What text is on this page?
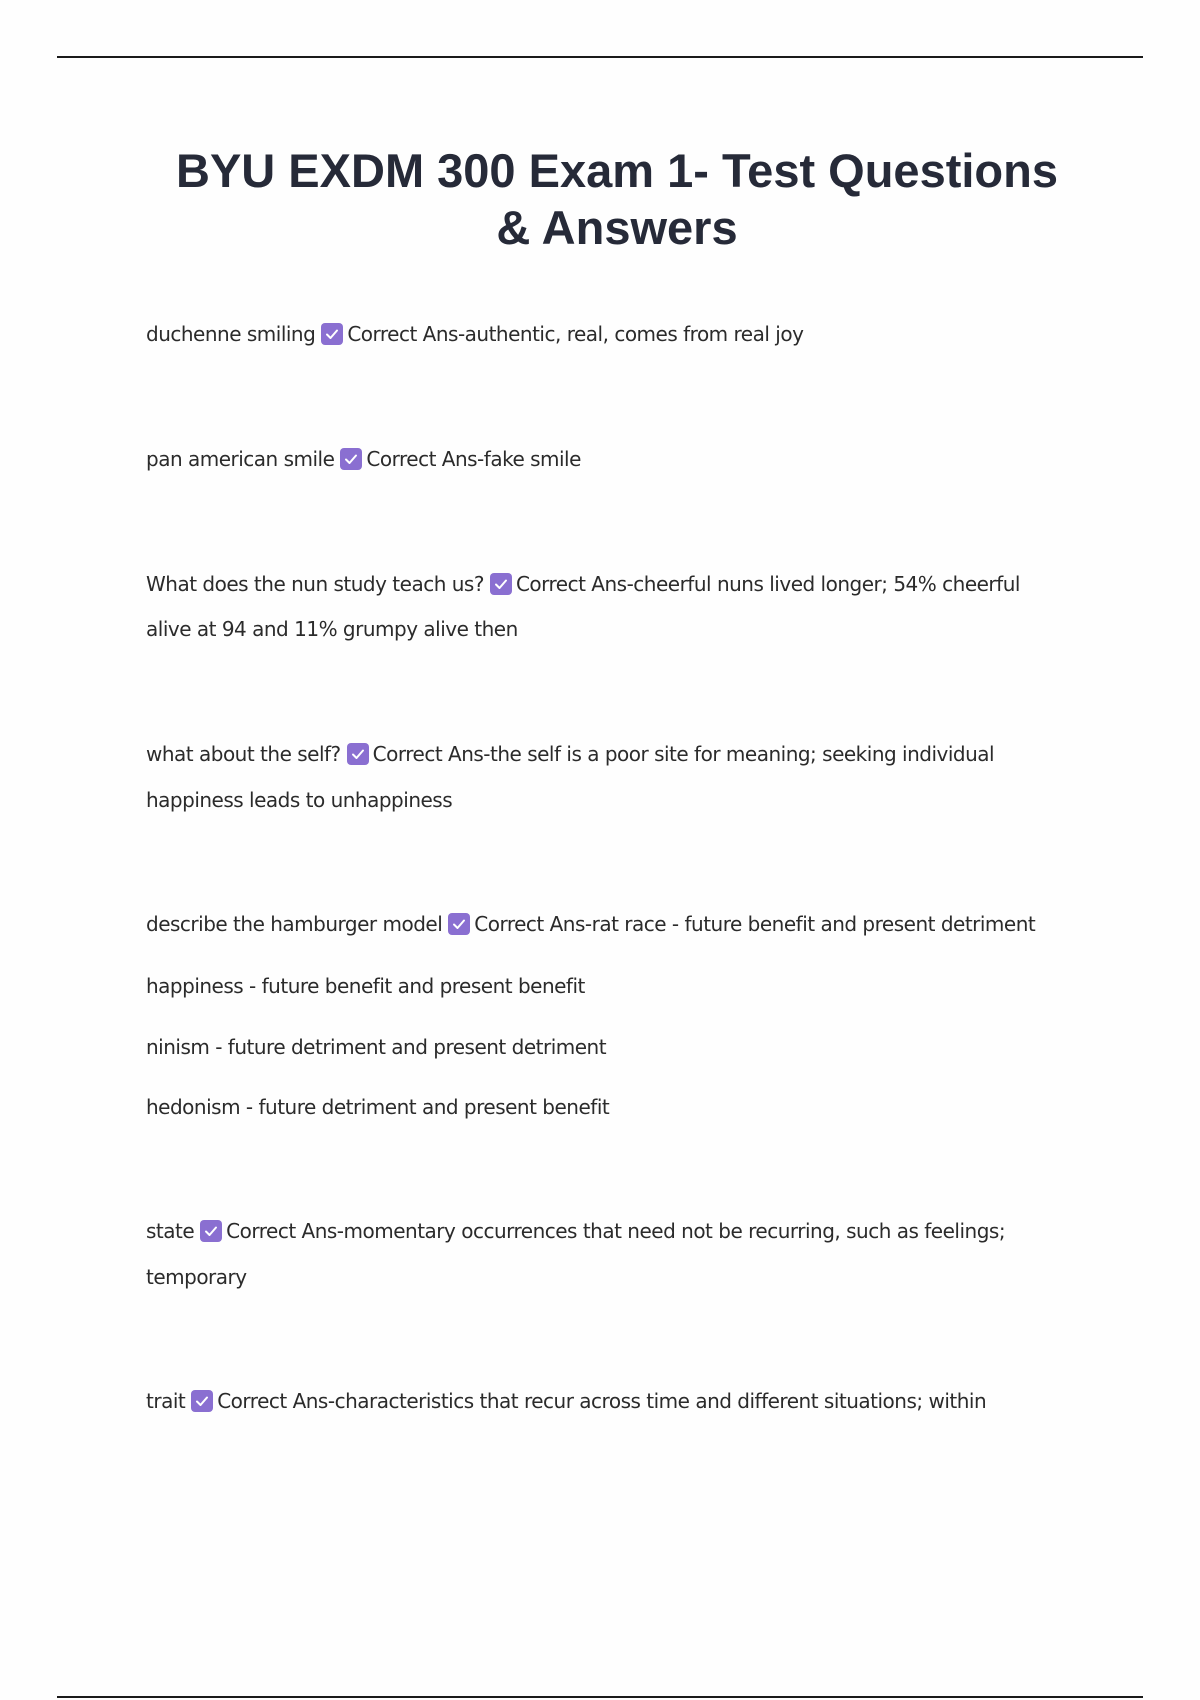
BYU EXDM 300 Exam 1- Test Questions
& Answers
duchenne smiling Correct Ans-authentic, real, comes from real joy
pan american smile Correct Ans-fake smile
What does the nun study teach us? Correct Ans-cheerful nuns lived longer; 54% cheerful
alive at 94 and 11% grumpy alive then
what about the self? Correct Ans-the self is a poor site for meaning; seeking individual
happiness leads to unhappiness
describe the hamburger model Correct Ans-rat race - future benefit and present detriment
happiness - future benefit and present benefit
ninism - future detriment and present detriment
hedonism - future detriment and present benefit
state Correct Ans-momentary occurrences that need not be recurring, such as feelings;
temporary
trait Correct Ans-characteristics that recur across time and different situations; within
